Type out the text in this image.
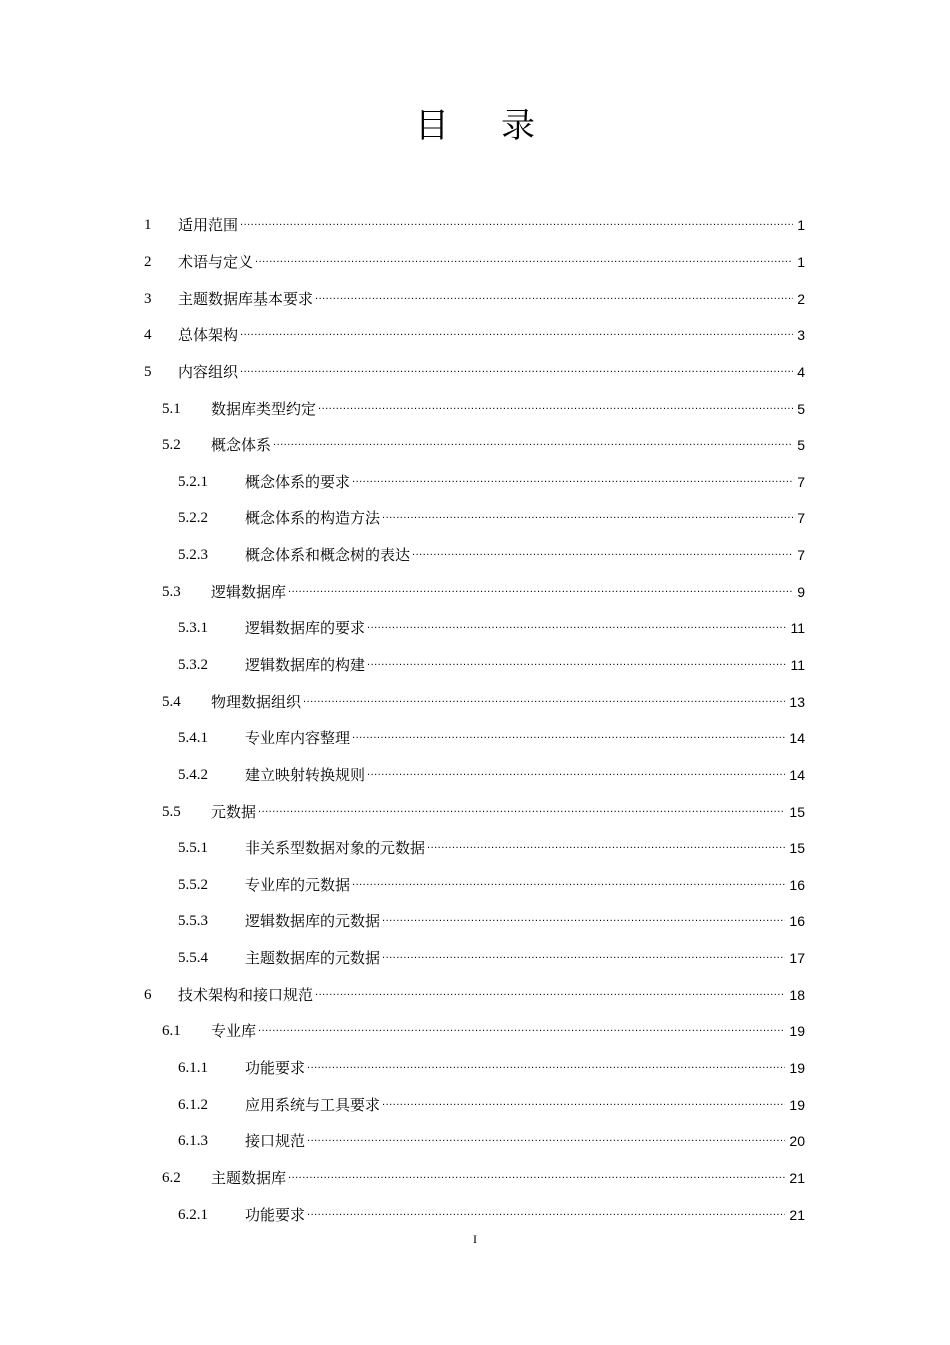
目录
1	适用范围 .....	1
2	术语与定义 .....	1
3	主题数据库基本要求 .....	2
4	总体架构 .....	3
5	内容组织 .....	4
5.1	数据库类型约定 .....	5
5.2	概念体系 .....	5
5.2.1	概念体系的要求 .....	7
5.2.2	概念体系的构造方法 .....	7
5.2.3	概念体系和概念树的表达 .....	7
5.3	逻辑数据库 .....	9
5.3.1	逻辑数据库的要求 .....	11
5.3.2	逻辑数据库的构建 .....	11
5.4	物理数据组织 .....	13
5.4.1	专业库内容整理 .....	14
5.4.2	建立映射转换规则 .....	14
5.5	元数据 .....	15
5.5.1	非关系型数据对象的元数据 .....	15
5.5.2	专业库的元数据 .....	16
5.5.3	逻辑数据库的元数据 .....	16
5.5.4	主题数据库的元数据 .....	17
6	技术架构和接口规范 .....	18
6.1	专业库 .....	19
6.1.1	功能要求 .....	19
6.1.2	应用系统与工具要求 .....	19
6.1.3	接口规范 .....	20
6.2	主题数据库 .....	21
6.2.1	功能要求 .....	21
I
